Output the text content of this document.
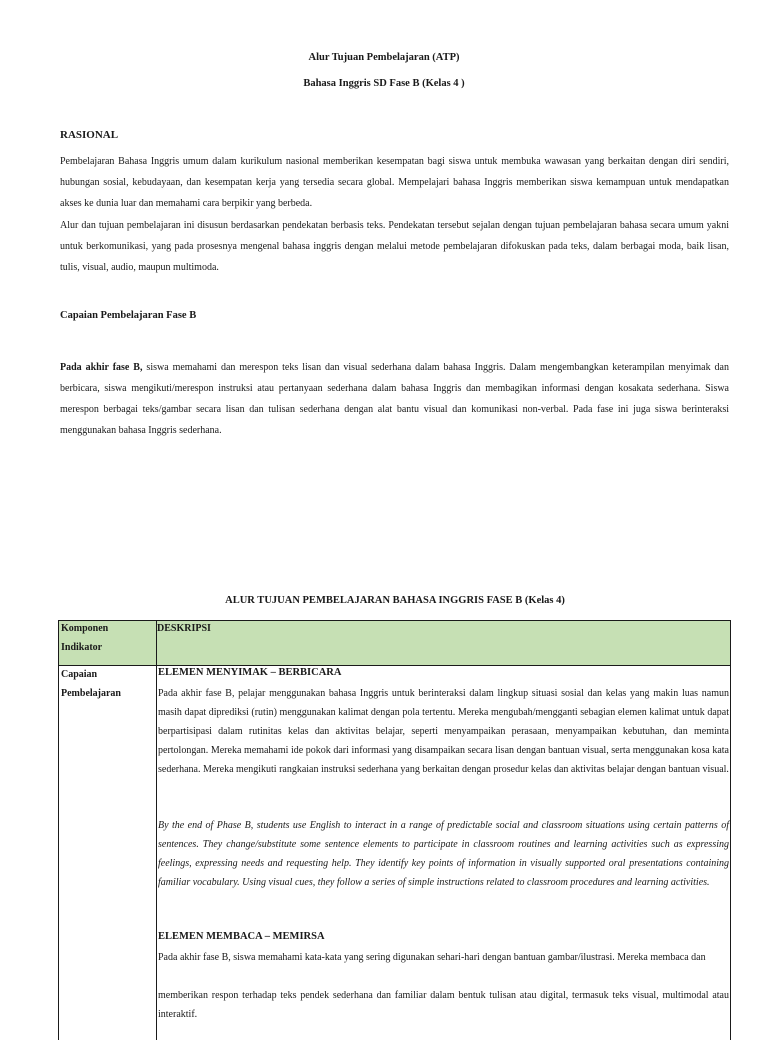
Alur Tujuan Pembelajaran (ATP)
Bahasa Inggris SD Fase B (Kelas 4 )
RASIONAL

Pembelajaran Bahasa Inggris umum dalam kurikulum nasional memberikan kesempatan bagi siswa untuk membuka wawasan yang berkaitan dengan diri sendiri, hubungan sosial, kebudayaan, dan kesempatan kerja yang tersedia secara global. Mempelajari bahasa Inggris memberikan siswa kemampuan untuk mendapatkan akses ke dunia luar dan memahami cara berpikir yang berbeda.

Alur dan tujuan pembelajaran ini disusun berdasarkan pendekatan berbasis teks. Pendekatan tersebut sejalan dengan tujuan pembelajaran bahasa secara umum yakni untuk berkomunikasi, yang pada prosesnya mengenal bahasa inggris dengan melalui metode pembelajaran difokuskan pada teks, dalam berbagai moda, baik lisan, tulis, visual, audio, maupun multimoda.

Capaian Pembelajaran Fase B

Pada akhir fase B, siswa memahami dan merespon teks lisan dan visual sederhana dalam bahasa Inggris. Dalam mengembangkan keterampilan menyimak dan berbicara, siswa mengikuti/merespon instruksi atau pertanyaan sederhana dalam bahasa Inggris dan membagikan informasi dengan kosakata sederhana. Siswa merespon berbagai teks/gambar secara lisan dan tulisan sederhana dengan alat bantu visual dan komunikasi non-verbal. Pada fase ini juga siswa berinteraksi menggunakan bahasa Inggris sederhana.

ALUR TUJUAN PEMBELAJARAN BAHASA INGGRIS FASE B (Kelas 4)
Komponen
Indikator
DESKRIPSI
Capaian
Pembelajaran
ELEMEN MENYIMAK – BERBICARA

Pada akhir fase B, pelajar menggunakan bahasa Inggris untuk berinteraksi dalam lingkup situasi sosial dan kelas yang makin luas namun masih dapat diprediksi (rutin) menggunakan kalimat dengan pola tertentu. Mereka mengubah/mengganti sebagian elemen kalimat untuk dapat berpartisipasi dalam rutinitas kelas dan aktivitas belajar, seperti menyampaikan perasaan, menyampaikan kebutuhan, dan meminta pertolongan. Mereka memahami ide pokok dari informasi yang disampaikan secara lisan dengan bantuan visual, serta menggunakan kosa kata sederhana. Mereka mengikuti rangkaian instruksi sederhana yang berkaitan dengan prosedur kelas dan aktivitas belajar dengan bantuan visual.

By the end of Phase B, students use English to interact in a range of predictable social and classroom situations using certain patterns of sentences. They change/substitute some sentence elements to participate in classroom routines and learning activities such as expressing feelings, expressing needs and requesting help. They identify key points of information in visually supported oral presentations containing familiar vocabulary. Using visual cues, they follow a series of simple instructions related to classroom procedures and learning activities.

ELEMEN MEMBACA – MEMIRSA

Pada akhir fase B, siswa memahami kata-kata yang sering digunakan sehari-hari dengan bantuan gambar/ilustrasi. Mereka membaca dan

memberikan respon terhadap teks pendek sederhana dan familiar dalam bentuk tulisan atau digital, termasuk teks visual, multimodal atau interaktif.
